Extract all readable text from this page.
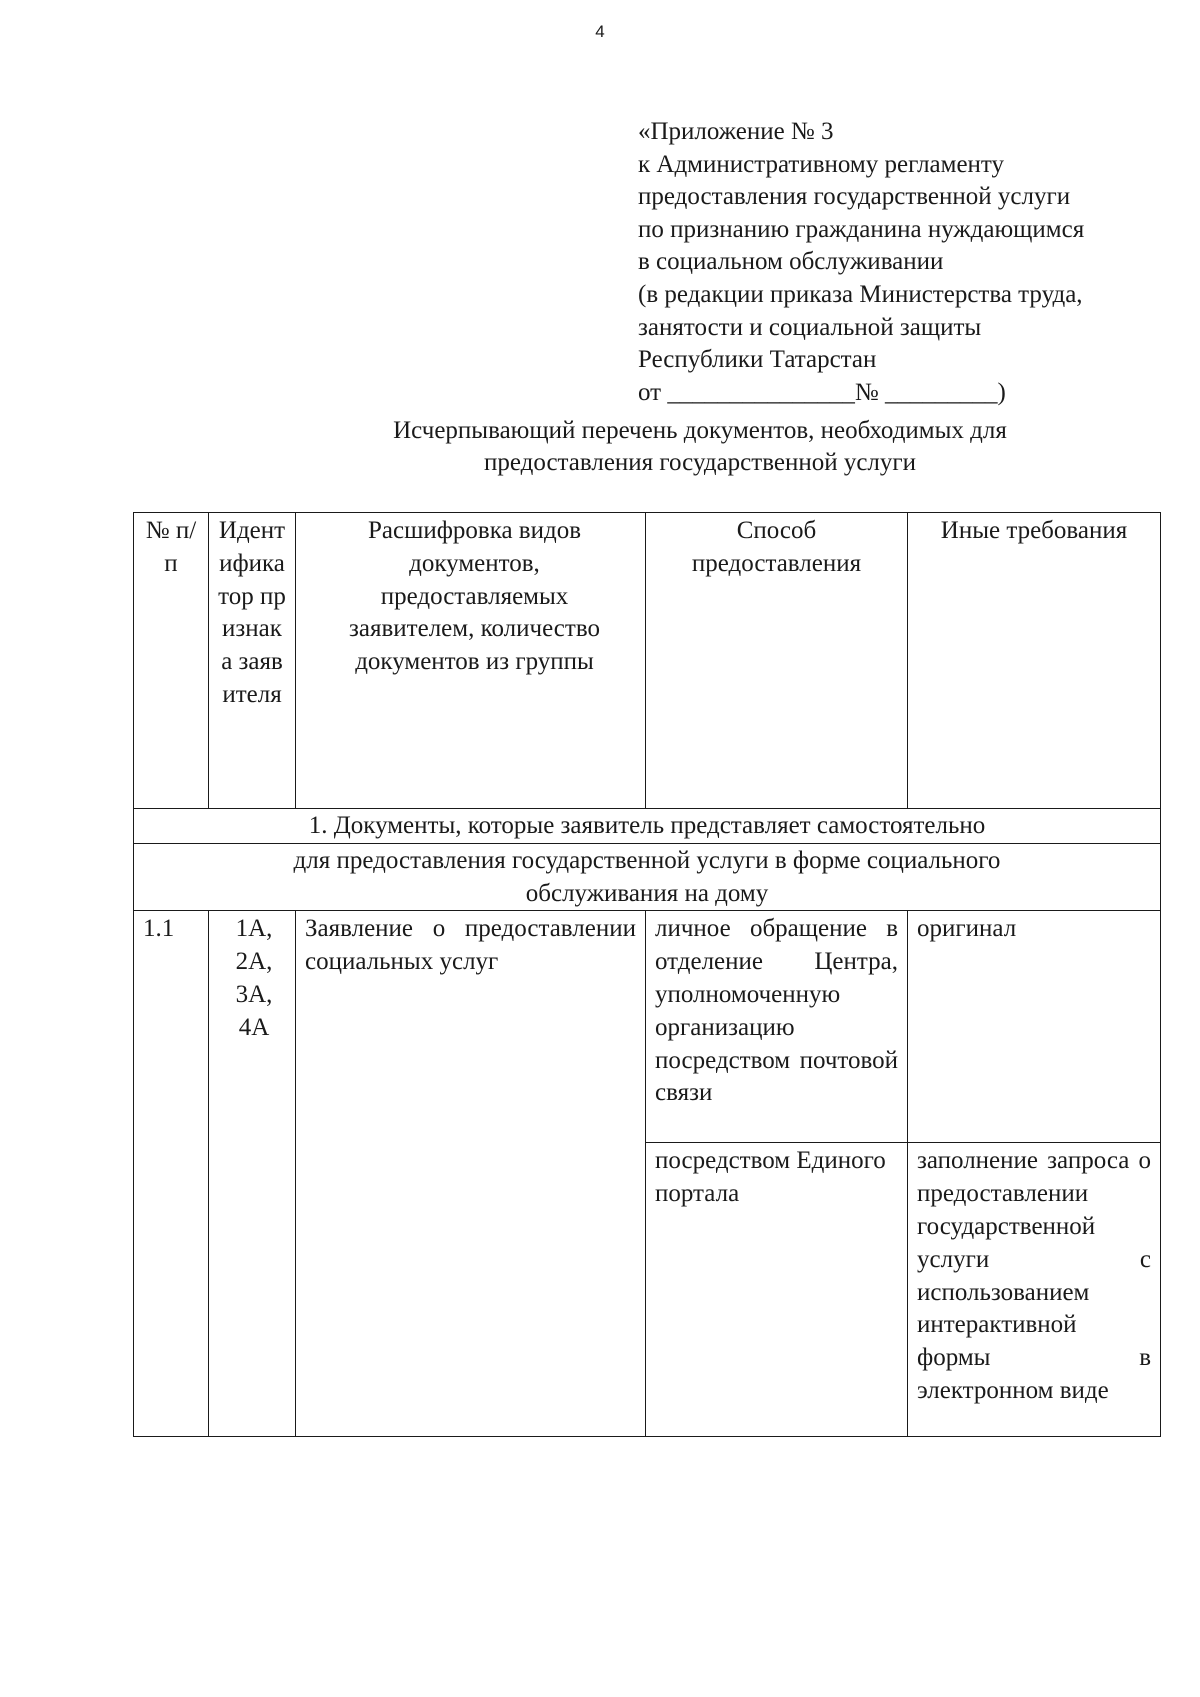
4
«Приложение № 3
к Административному регламенту
предоставления государственной услуги
по признанию гражданина нуждающимся
в социальном обслуживании
(в редакции приказа Министерства труда,
занятости и социальной защиты
Республики Татарстан
от _______________№ _________)
Исчерпывающий перечень документов, необходимых для
предоставления государственной услуги
№ п/п	Идентификатор признака заявителя	Расшифровка видов документов, предоставляемых заявителем, количество документов из группы	Способ предоставления	Иные требования
1. Документы, которые заявитель представляет самостоятельно				
для предоставления государственной услуги в форме социального обслуживания на дому				
1.1	1А, 2А, 3А, 4А	Заявление о предоставлении социальных услуг	личное обращение в отделение Центра, уполномоченную организацию посредством почтовой связи	оригинал
			посредством Единого портала	заполнение запроса о предоставлении государственной услуги с использованием интерактивной формы в электронном виде
